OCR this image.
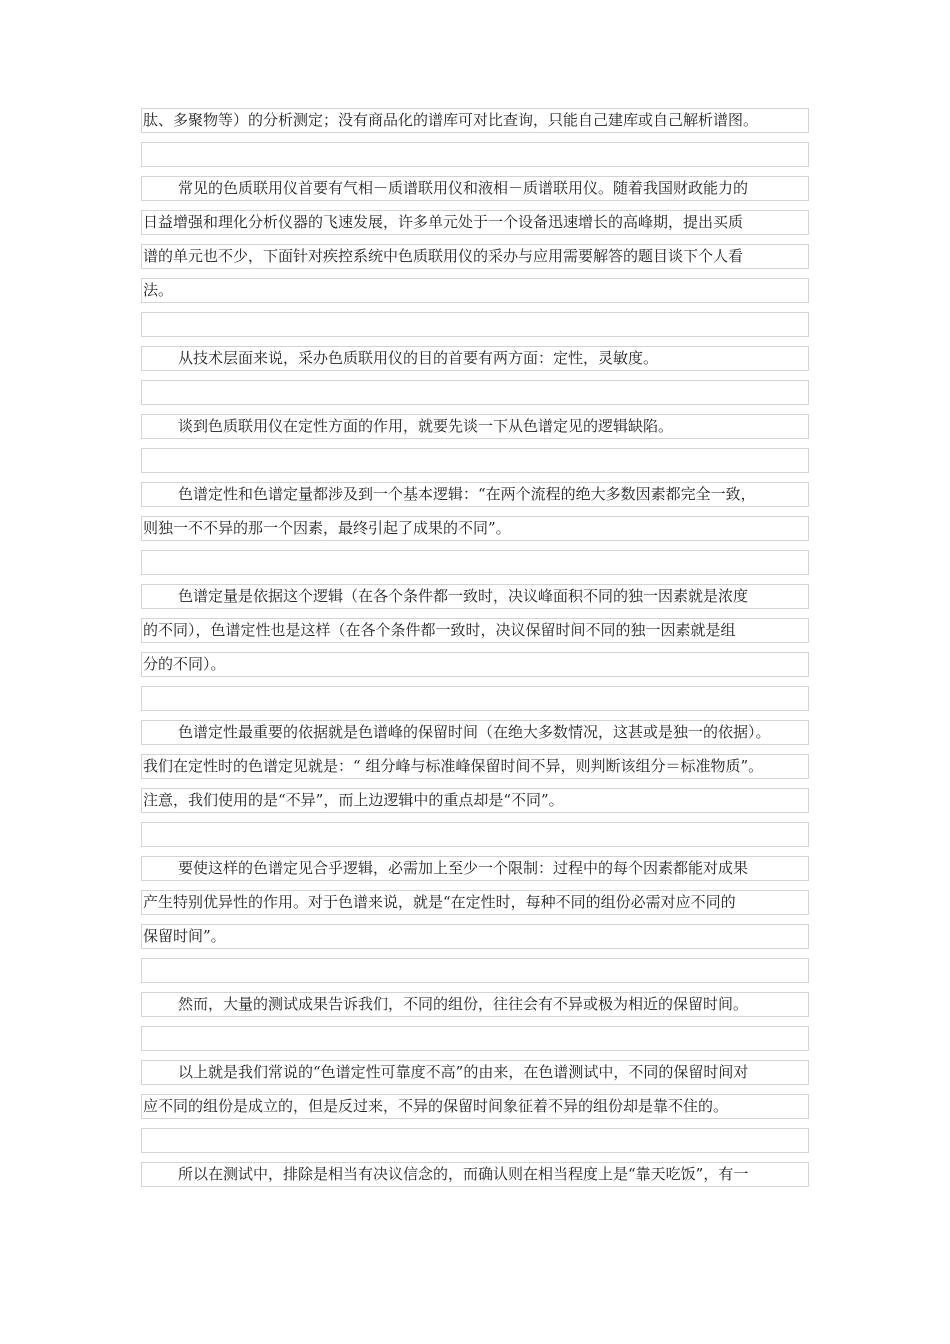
肽、多聚物等）的分析测定；没有商品化的谱库可对比查询，只能自己建库或自己解析谱图。
常见的色质联用仪首要有气相－质谱联用仪和液相－质谱联用仪。随着我国财政能力的
日益增强和理化分析仪器的飞速发展，许多单元处于一个设备迅速增长的高峰期，提出买质
谱的单元也不少，下面针对疾控系统中色质联用仪的采办与应用需要解答的题目谈下个人看
法。
从技术层面来说，采办色质联用仪的目的首要有两方面：定性，灵敏度。
谈到色质联用仪在定性方面的作用，就要先谈一下从色谱定见的逻辑缺陷。
色谱定性和色谱定量都涉及到一个基本逻辑：“在两个流程的绝大多数因素都完全一致，
则独一不不异的那一个因素，最终引起了成果的不同”。
色谱定量是依据这个逻辑（在各个条件都一致时，决议峰面积不同的独一因素就是浓度
的不同），色谱定性也是这样（在各个条件都一致时，决议保留时间不同的独一因素就是组
分的不同）。
色谱定性最重要的依据就是色谱峰的保留时间（在绝大多数情况，这甚或是独一的依据）。
我们在定性时的色谱定见就是：“ 组分峰与标准峰保留时间不异，则判断该组分＝标准物质”。
注意，我们使用的是“不异”，而上边逻辑中的重点却是“不同”。
要使这样的色谱定见合乎逻辑，必需加上至少一个限制：过程中的每个因素都能对成果
产生特别优异性的作用。对于色谱来说，就是“在定性时，每种不同的组份必需对应不同的
保留时间”。
然而，大量的测试成果告诉我们，不同的组份，往往会有不异或极为相近的保留时间。
以上就是我们常说的“色谱定性可靠度不高”的由来，在色谱测试中，不同的保留时间对
应不同的组份是成立的，但是反过来，不异的保留时间象征着不异的组份却是靠不住的。
所以在测试中，排除是相当有决议信念的，而确认则在相当程度上是“靠天吃饭”，有一
